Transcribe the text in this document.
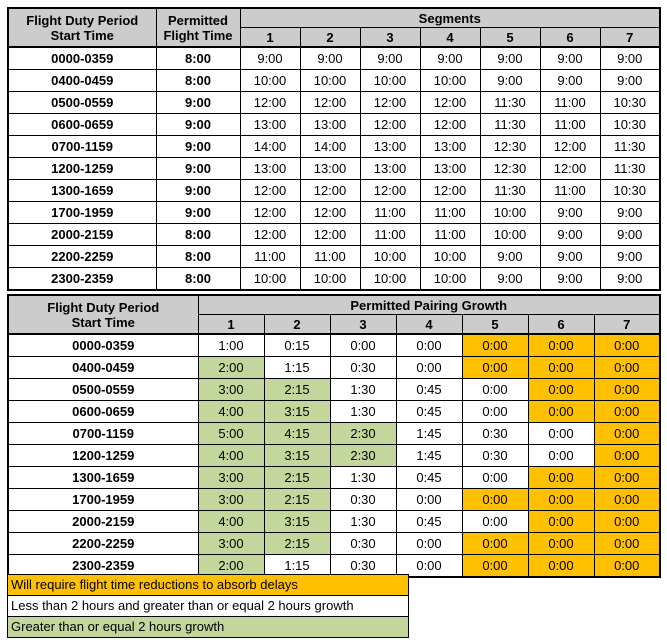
Flight Duty Period Start Time	Permitted Flight Time	Segments						
		1	2	3	4	5	6	7
0000-0359	8:00	9:00	9:00	9:00	9:00	9:00	9:00	9:00
0400-0459	8:00	10:00	10:00	10:00	10:00	9:00	9:00	9:00
0500-0559	9:00	12:00	12:00	12:00	12:00	11:30	11:00	10:30
0600-0659	9:00	13:00	13:00	12:00	12:00	11:30	11:00	10:30
0700-1159	9:00	14:00	14:00	13:00	13:00	12:30	12:00	11:30
1200-1259	9:00	13:00	13:00	13:00	13:00	12:30	12:00	11:30
1300-1659	9:00	12:00	12:00	12:00	12:00	11:30	11:00	10:30
1700-1959	9:00	12:00	12:00	11:00	11:00	10:00	9:00	9:00
2000-2159	8:00	12:00	12:00	11:00	11:00	10:00	9:00	9:00
2200-2259	8:00	11:00	11:00	10:00	10:00	9:00	9:00	9:00
2300-2359	8:00	10:00	10:00	10:00	10:00	9:00	9:00	9:00
Flight Duty Period Start Time	Permitted Pairing Growth						
	1	2	3	4	5	6	7
0000-0359	1:00	0:15	0:00	0:00	0:00	0:00	0:00
0400-0459	2:00	1:15	0:30	0:00	0:00	0:00	0:00
0500-0559	3:00	2:15	1:30	0:45	0:00	0:00	0:00
0600-0659	4:00	3:15	1:30	0:45	0:00	0:00	0:00
0700-1159	5:00	4:15	2:30	1:45	0:30	0:00	0:00
1200-1259	4:00	3:15	2:30	1:45	0:30	0:00	0:00
1300-1659	3:00	2:15	1:30	0:45	0:00	0:00	0:00
1700-1959	3:00	2:15	0:30	0:00	0:00	0:00	0:00
2000-2159	4:00	3:15	1:30	0:45	0:00	0:00	0:00
2200-2259	3:00	2:15	0:30	0:00	0:00	0:00	0:00
2300-2359	2:00	1:15	0:30	0:00	0:00	0:00	0:00
Will require flight time reductions to absorb delays
Less than 2 hours and greater than or equal 2 hours growth
Greater than or equal 2 hours growth
